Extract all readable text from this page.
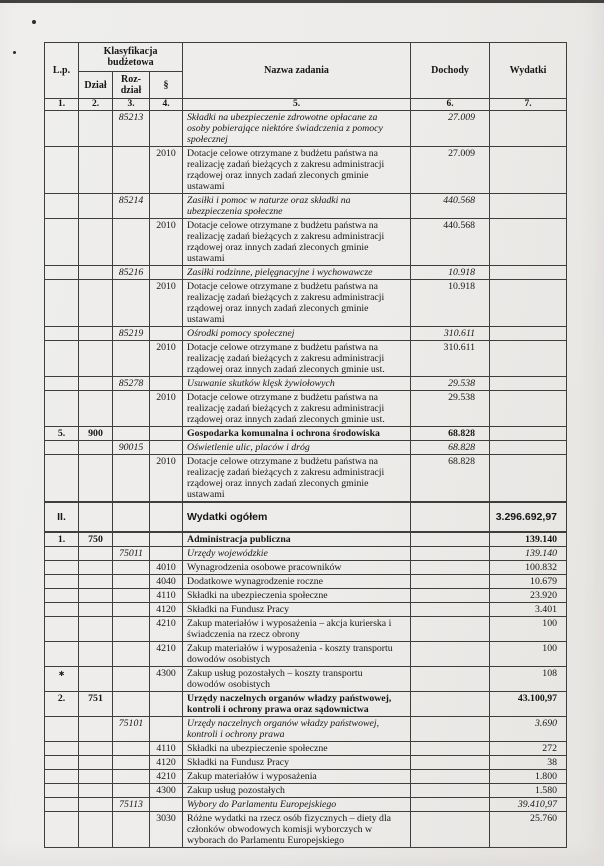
L.p.	Klasyfikacja
budżetowa			Nazwa zadania	Dochody	Wydatki
	Dział	Roz-
dział	§			
1.	2.	3.	4.	5.	6.	7.
		85213		Składki na ubezpieczenie zdrowotne opłacane za
osoby pobierające niektóre świadczenia z pomocy
społecznej	27.009	
			2010	Dotacje celowe otrzymane z budżetu państwa na
realizację zadań bieżących z zakresu administracji
rządowej oraz innych zadań zleconych gminie
ustawami	27.009	
		85214		Zasiłki i pomoc w naturze oraz składki na
ubezpieczenia społeczne	440.568	
			2010	Dotacje celowe otrzymane z budżetu państwa na
realizację zadań bieżących z zakresu administracji
rządowej oraz innych zadań zleconych gminie
ustawami	440.568	
		85216		Zasiłki rodzinne, pielęgnacyjne i wychowawcze	10.918	
			2010	Dotacje celowe otrzymane z budżetu państwa na
realizację zadań bieżących z zakresu administracji
rządowej oraz innych zadań zleconych gminie
ustawami	10.918	
		85219		Ośrodki pomocy społecznej	310.611	
			2010	Dotacje celowe otrzymane z budżetu państwa na
realizację zadań bieżących z zakresu administracji
rządowej oraz innych zadań zleconych gminie ust.	310.611	
		85278		Usuwanie skutków klęsk żywiołowych	29.538	
			2010	Dotacje celowe otrzymane z budżetu państwa na
realizację zadań bieżących z zakresu administracji
rządowej oraz innych zadań zleconych gminie ust.	29.538	
5.	900			Gospodarka komunalna i ochrona środowiska	68.828	
		90015		Oświetlenie ulic, placów i dróg	68.828	
			2010	Dotacje celowe otrzymane z budżetu państwa na
realizację zadań bieżących z zakresu administracji
rządowej oraz innych zadań zleconych gminie
ustawami	68.828	
II.				Wydatki ogółem		3.296.692,97
1.	750			Administracja publiczna		139.140
		75011		Urzędy wojewódzkie		139.140
			4010	Wynagrodzenia osobowe pracowników		100.832
			4040	Dodatkowe wynagrodzenie roczne		10.679
			4110	Składki na ubezpieczenia społeczne		23.920
			4120	Składki na Fundusz Pracy		3.401
			4210	Zakup materiałów i wyposażenia – akcja kurierska i
świadczenia na rzecz obrony		100
			4210	Zakup materiałów i wyposażenia - koszty transportu
dowodów osobistych		100
✱			4300	Zakup usług pozostałych – koszty transportu
dowodów osobistych		108
2.	751			Urzędy naczelnych organów władzy państwowej,
kontroli i ochrony prawa oraz sądownictwa		43.100,97
		75101		Urzędy naczelnych organów władzy państwowej,
kontroli i ochrony prawa		3.690
			4110	Składki na ubezpieczenie społeczne		272
			4120	Składki na Fundusz Pracy		38
			4210	Zakup materiałów i wyposażenia		1.800
			4300	Zakup usług pozostałych		1.580
		75113		Wybory do Parlamentu Europejskiego		39.410,97
			3030	Różne wydatki na rzecz osób fizycznych – diety dla
członków obwodowych komisji wyborczych w
wyborach do Parlamentu Europejskiego		25.760
